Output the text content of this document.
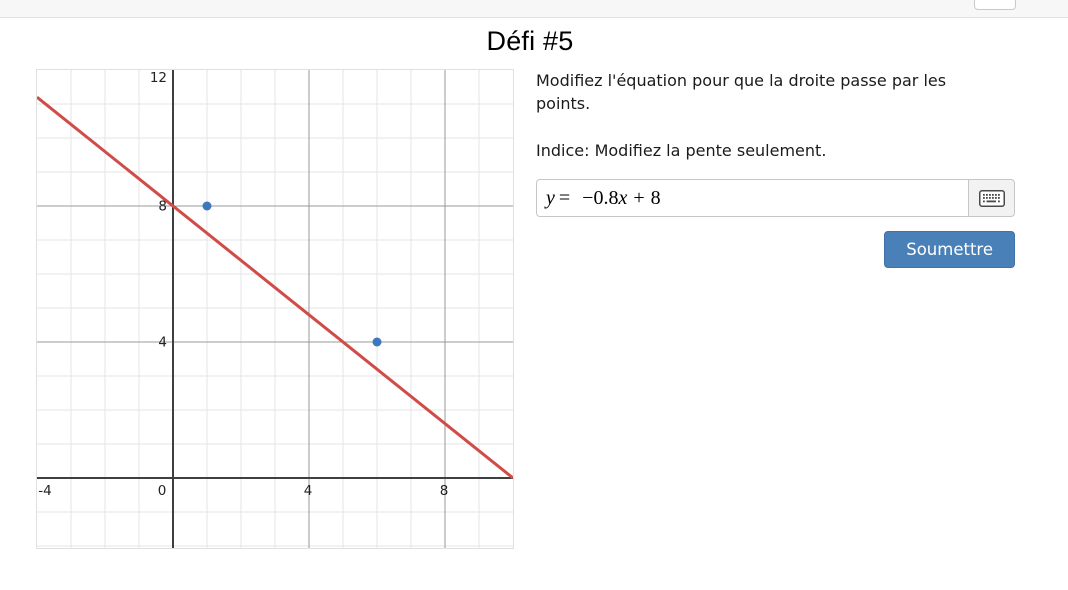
Défi #5
4
8
12
-4	0	4	8

Modifiez l'équation pour que la droite passe par les points.

Indice: Modifiez la pente seulement.

y = −0.8 x + 8
Soumettre
